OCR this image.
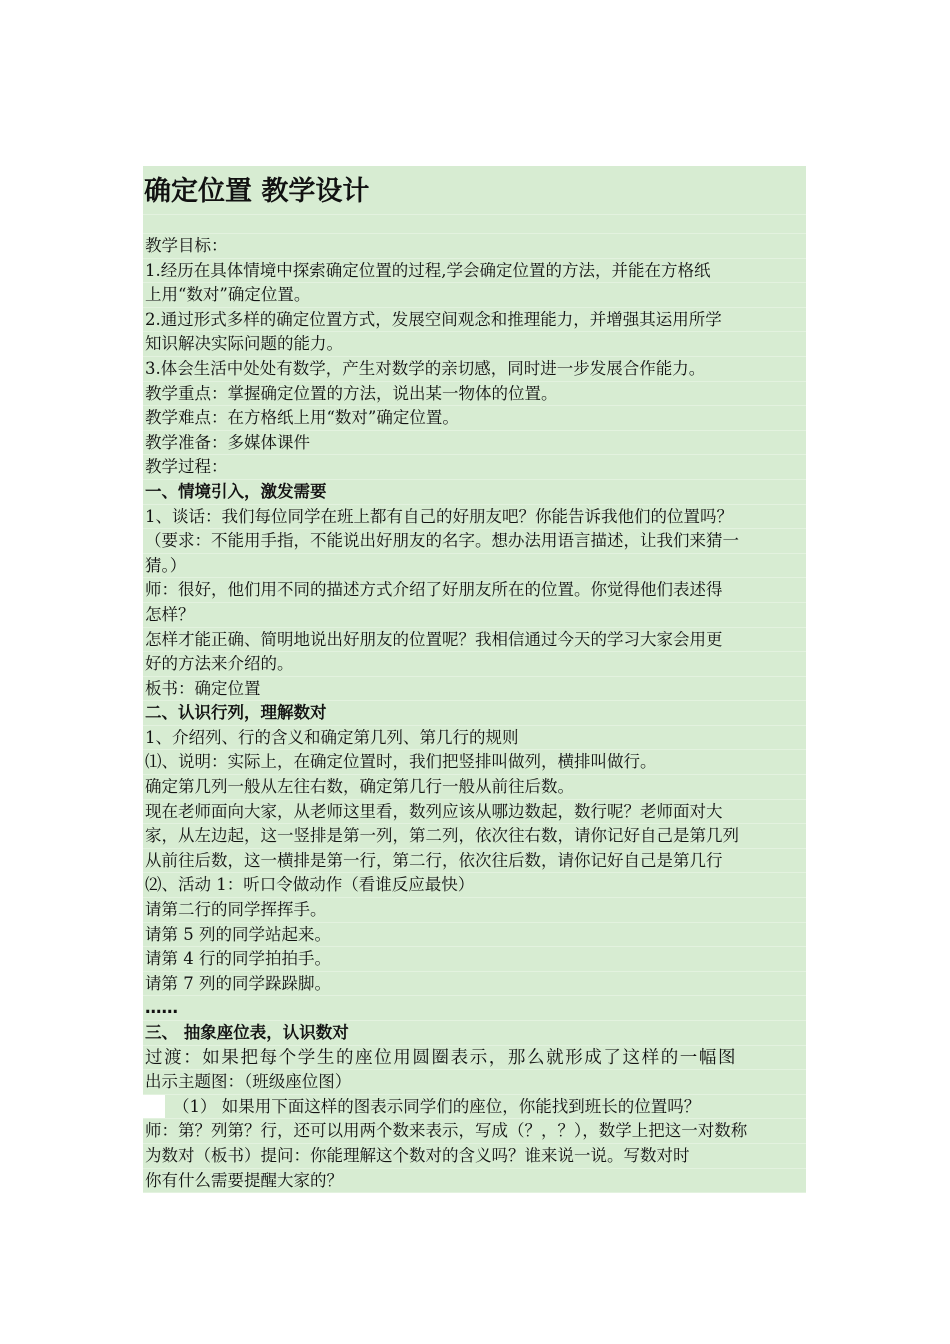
确定位置 教学设计
教学目标：
1.经历在具体情境中探索确定位置的过程,学会确定位置的方法，并能在方格纸
上用“数对”确定位置。
2.通过形式多样的确定位置方式，发展空间观念和推理能力，并增强其运用所学
知识解决实际问题的能力。
3.体会生活中处处有数学，产生对数学的亲切感，同时进一步发展合作能力。
教学重点：掌握确定位置的方法，说出某一物体的位置。
教学难点：在方格纸上用“数对”确定位置。
教学准备：多媒体课件
教学过程：
一、情境引入，激发需要
1、谈话：我们每位同学在班上都有自己的好朋友吧？你能告诉我他们的位置吗？
（要求：不能用手指，不能说出好朋友的名字。想办法用语言描述，让我们来猜一
猜。）
师：很好，他们用不同的描述方式介绍了好朋友所在的位置。你觉得他们表述得
怎样？
怎样才能正确、简明地说出好朋友的位置呢？我相信通过今天的学习大家会用更
好的方法来介绍的。
板书：确定位置
二、认识行列，理解数对
1、介绍列、行的含义和确定第几列、第几行的规则
⑴、说明：实际上，在确定位置时，我们把竖排叫做列，横排叫做行。
确定第几列一般从左往右数，确定第几行一般从前往后数。
现在老师面向大家，从老师这里看，数列应该从哪边数起，数行呢？老师面对大
家，从左边起，这一竖排是第一列，第二列，依次往右数，请你记好自己是第几列
从前往后数，这一横排是第一行，第二行，依次往后数，请你记好自己是第几行
⑵、活动 1：听口令做动作（看谁反应最快）
请第二行的同学挥挥手。
请第 5 列的同学站起来。
请第 4 行的同学拍拍手。
请第 7 列的同学跺跺脚。
……
三、 抽象座位表，认识数对
过渡：如果把每个学生的座位用圆圈表示，那么就形成了这样的一幅图
出示主题图：（班级座位图）
（1） 如果用下面这样的图表示同学们的座位，你能找到班长的位置吗？
师：第？列第？行，还可以用两个数来表示，写成（？，？），数学上把这一对数称
为数对（板书）提问：你能理解这个数对的含义吗？谁来说一说。写数对时
你有什么需要提醒大家的？
